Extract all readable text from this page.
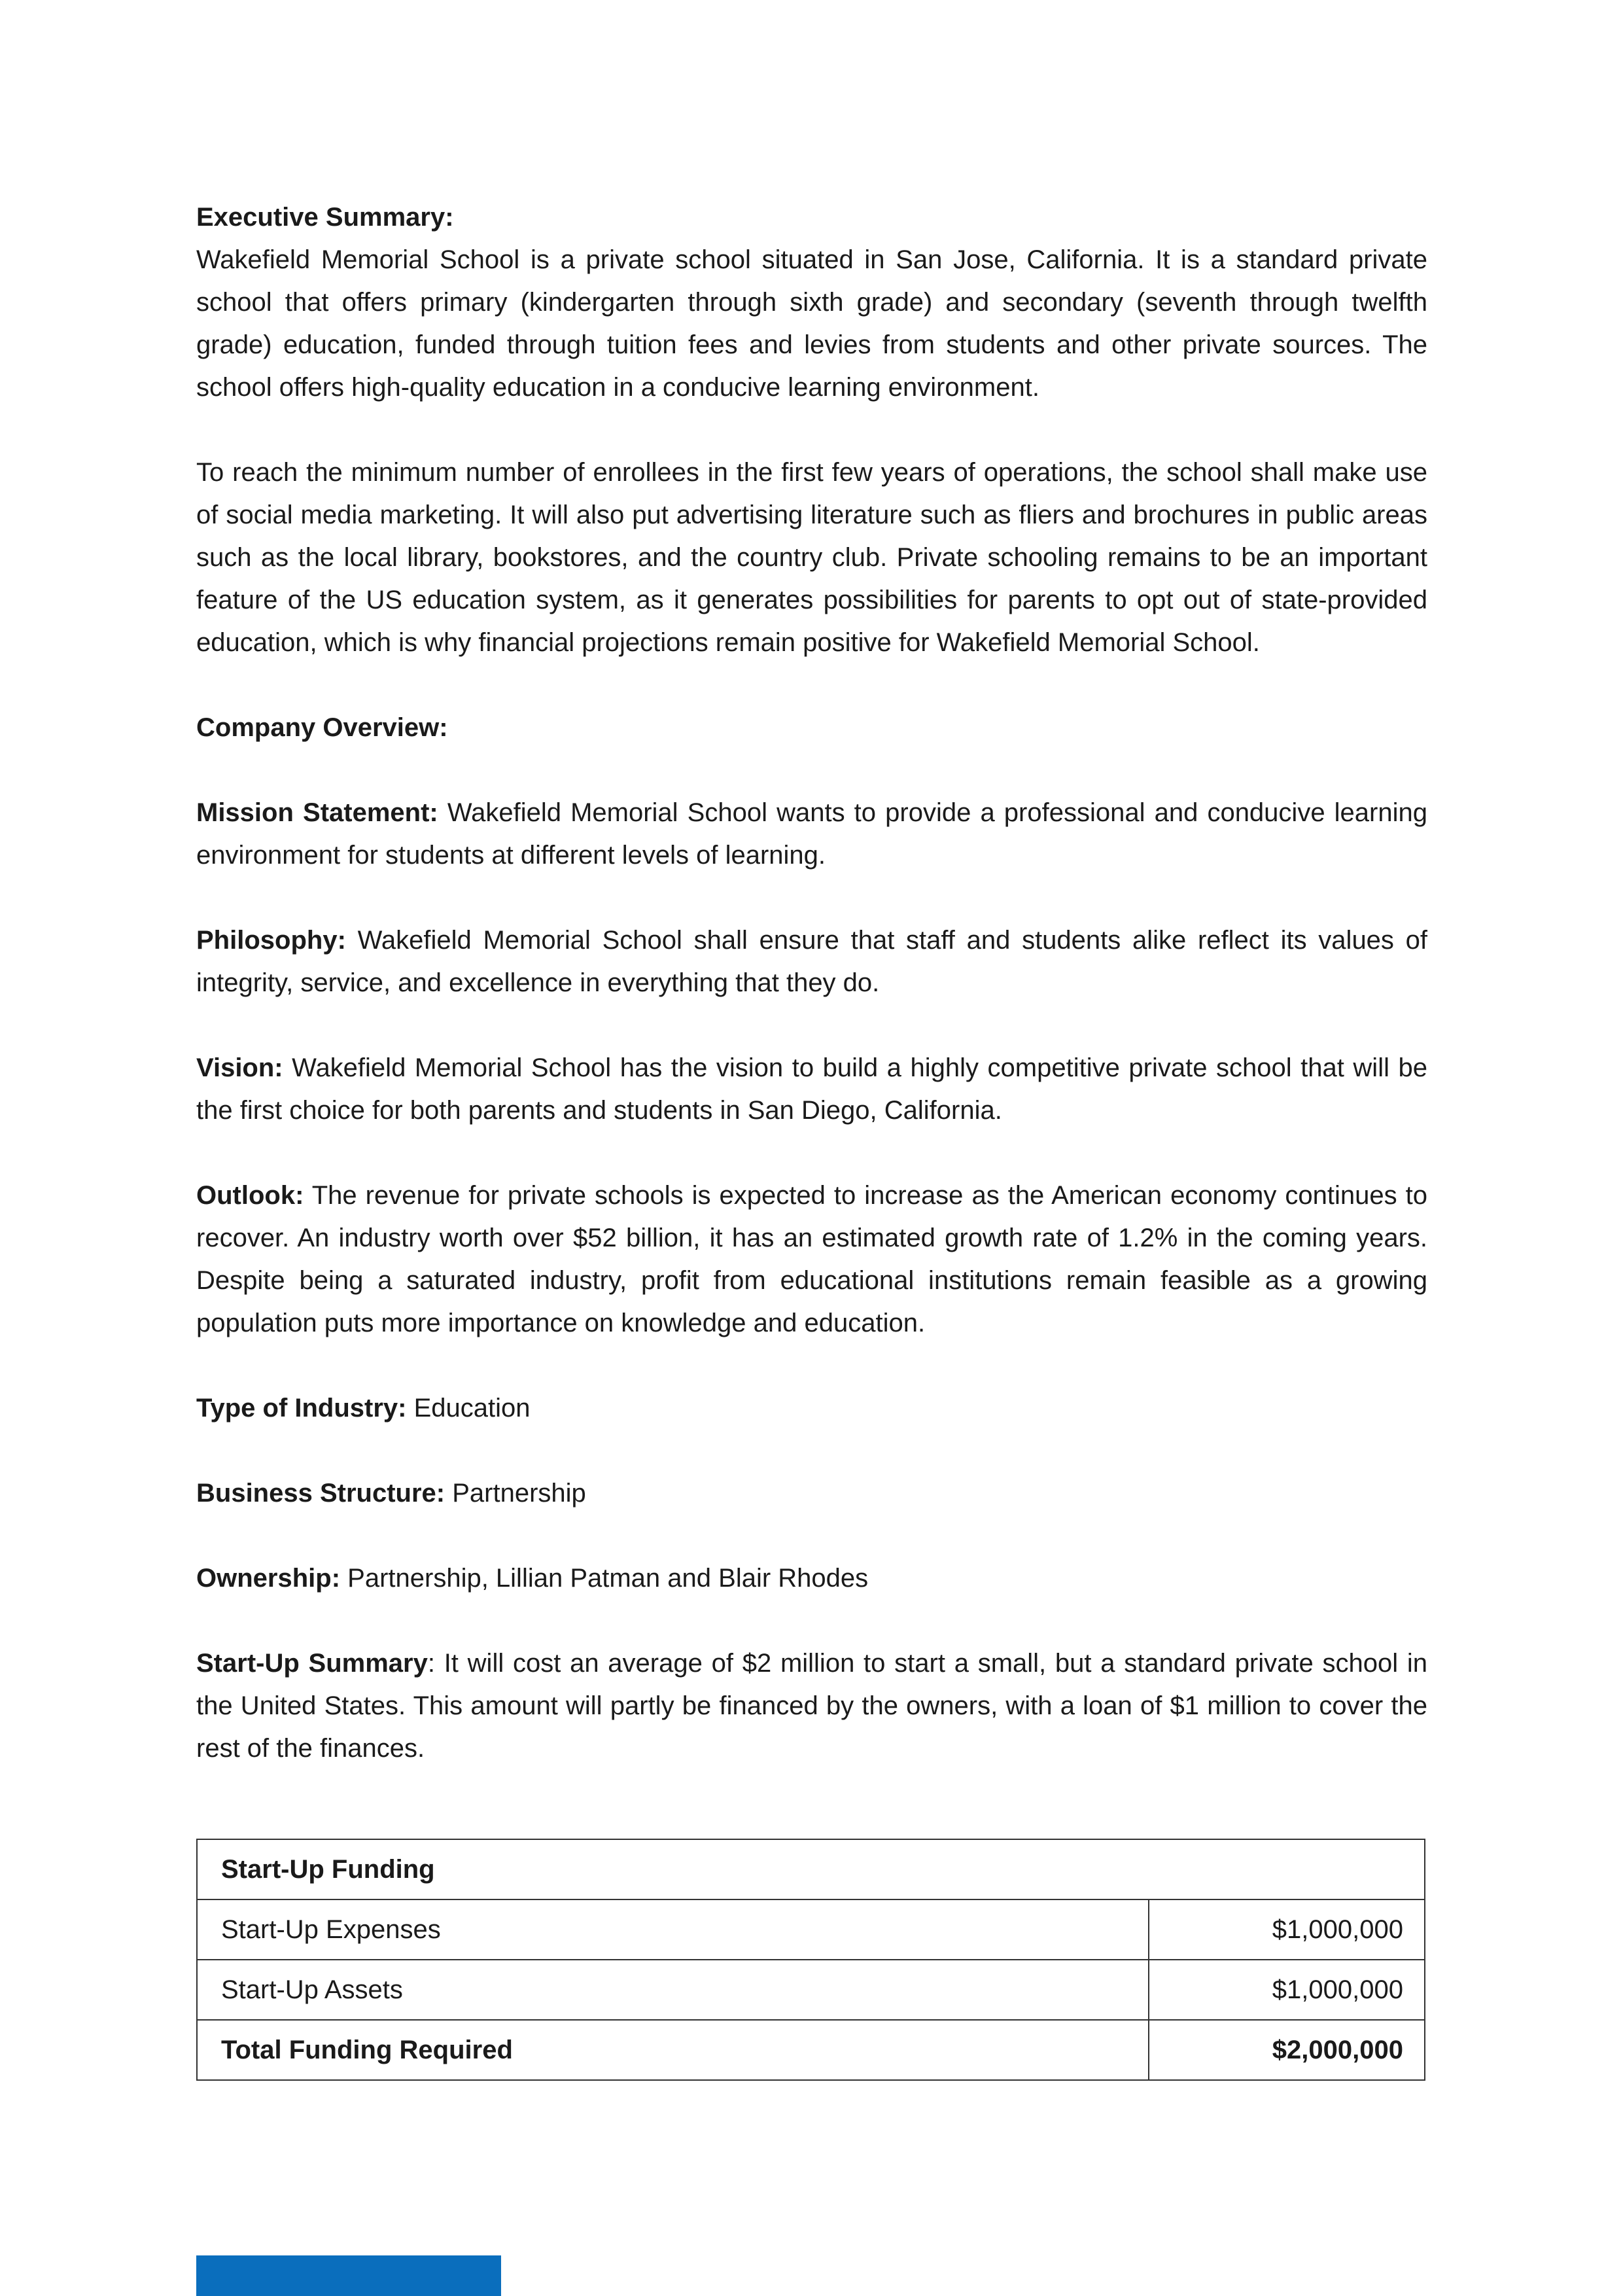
Executive Summary:

Wakefield Memorial School is a private school situated in San Jose, California. It is a standard private school that offers primary (kindergarten through sixth grade) and secondary (seventh through twelfth grade) education, funded through tuition fees and levies from students and other private sources. The school offers high-quality education in a conducive learning environment.

To reach the minimum number of enrollees in the first few years of operations, the school shall make use of social media marketing. It will also put advertising literature such as fliers and brochures in public areas such as the local library, bookstores, and the country club. Private schooling remains to be an important feature of the US education system, as it generates possibilities for parents to opt out of state-provided education, which is why financial projections remain positive for Wakefield Memorial School.

Company Overview:

Mission Statement: Wakefield Memorial School wants to provide a professional and conducive learning environment for students at different levels of learning.

Philosophy: Wakefield Memorial School shall ensure that staff and students alike reflect its values of integrity, service, and excellence in everything that they do.

Vision: Wakefield Memorial School has the vision to build a highly competitive private school that will be the first choice for both parents and students in San Diego, California.

Outlook: The revenue for private schools is expected to increase as the American economy continues to recover. An industry worth over $52 billion, it has an estimated growth rate of 1.2% in the coming years. Despite being a saturated industry, profit from educational institutions remain feasible as a growing population puts more importance on knowledge and education.

Type of Industry: Education

Business Structure: Partnership

Ownership: Partnership, Lillian Patman and Blair Rhodes

Start-Up Summary: It will cost an average of $2 million to start a small, but a standard private school in the United States. This amount will partly be financed by the owners, with a loan of $1 million to cover the rest of the finances.

Start-Up Funding	
Start-Up Expenses	$1,000,000
Start-Up Assets	$1,000,000
Total Funding Required	$2,000,000
